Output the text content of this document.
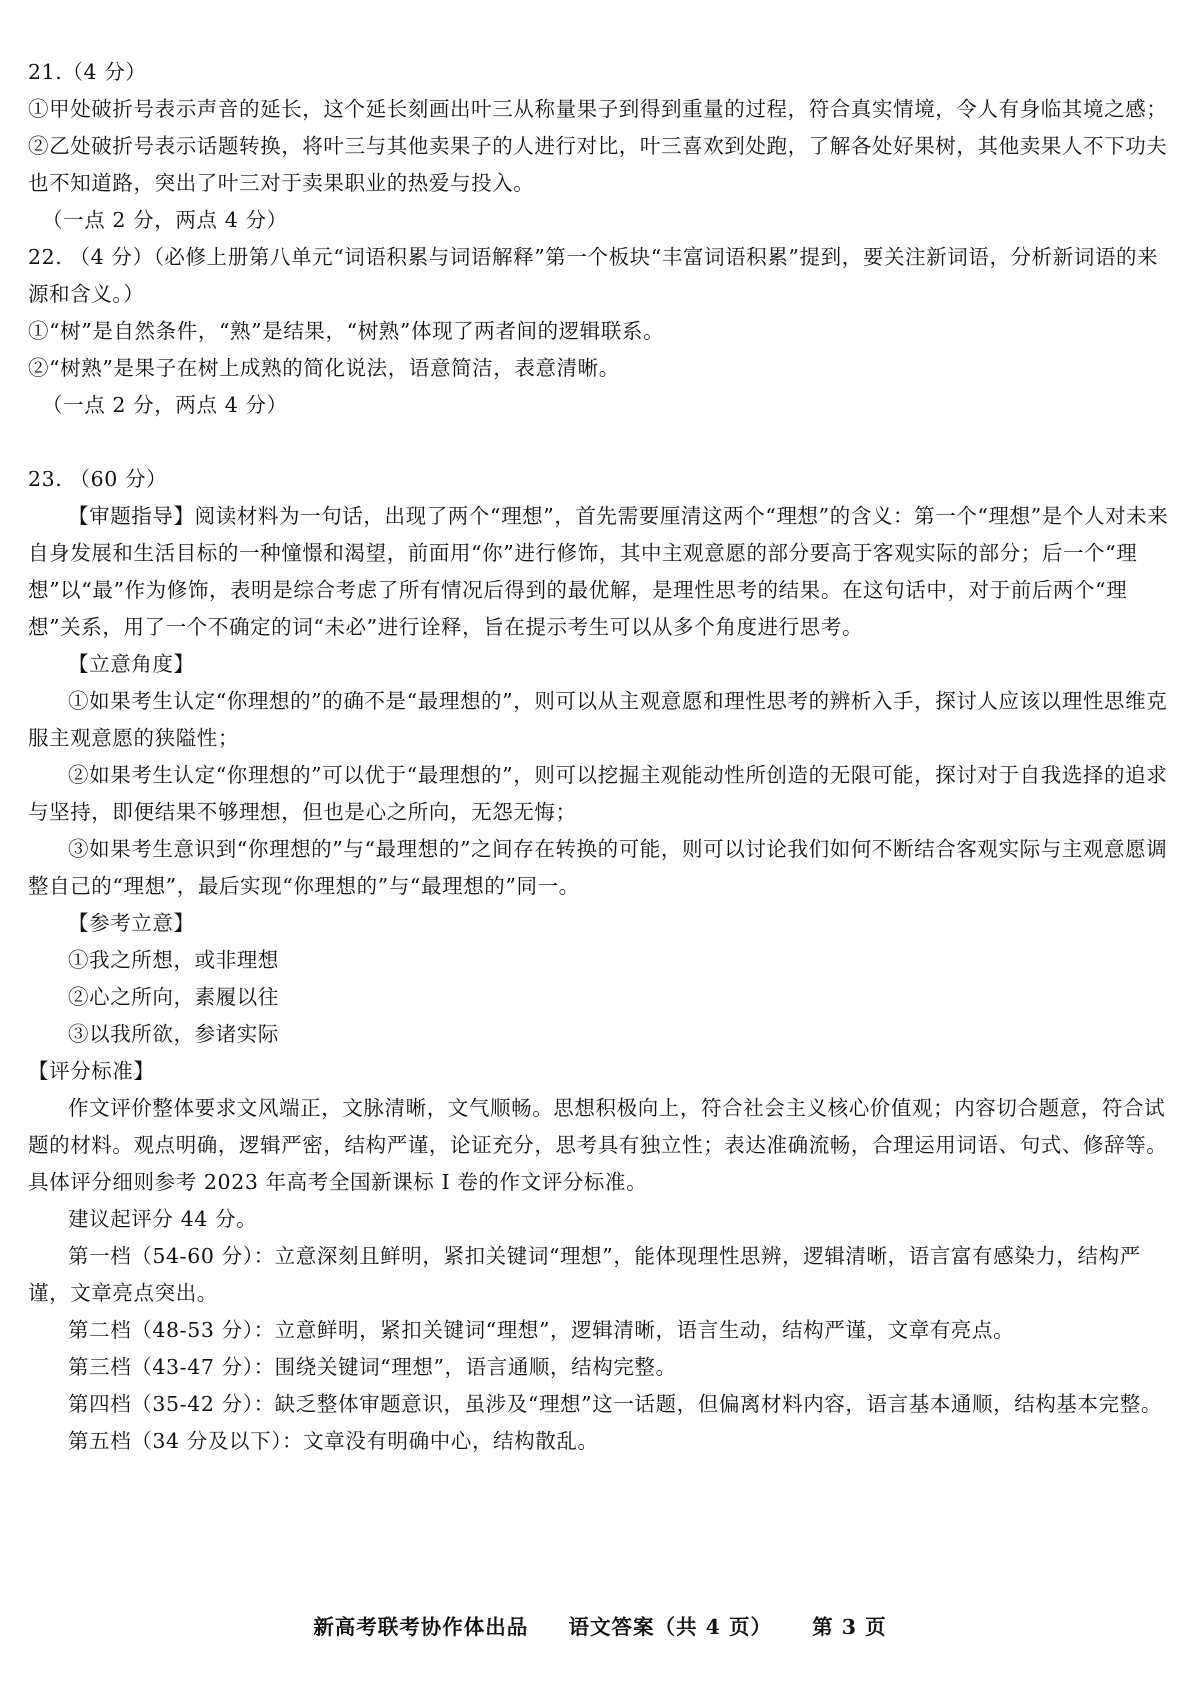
21.（4 分）

①甲处破折号表示声音的延长，这个延长刻画出叶三从称量果子到得到重量的过程，符合真实情境，令人有身临其境之感；

②乙处破折号表示话题转换，将叶三与其他卖果子的人进行对比，叶三喜欢到处跑，了解各处好果树，其他卖果人不下功夫也不知道路，突出了叶三对于卖果职业的热爱与投入。

（一点 2 分，两点 4 分）

22. （4 分）（必修上册第八单元“词语积累与词语解释”第一个板块“丰富词语积累”提到，要关注新词语，分析新词语的来源和含义。）

①“树”是自然条件，“熟”是结果，“树熟”体现了两者间的逻辑联系。

②“树熟”是果子在树上成熟的简化说法，语意简洁，表意清晰。

（一点 2 分，两点 4 分）

23. （60 分）

【审题指导】阅读材料为一句话，出现了两个“理想”，首先需要厘清这两个“理想”的含义：第一个“理想”是个人对未来自身发展和生活目标的一种憧憬和渴望，前面用“你”进行修饰，其中主观意愿的部分要高于客观实际的部分；后一个“理想”以“最”作为修饰，表明是综合考虑了所有情况后得到的最优解，是理性思考的结果。在这句话中，对于前后两个“理想”关系，用了一个不确定的词“未必”进行诠释，旨在提示考生可以从多个角度进行思考。

【立意角度】

①如果考生认定“你理想的”的确不是“最理想的”，则可以从主观意愿和理性思考的辨析入手，探讨人应该以理性思维克服主观意愿的狭隘性；

②如果考生认定“你理想的”可以优于“最理想的”，则可以挖掘主观能动性所创造的无限可能，探讨对于自我选择的追求与坚持，即便结果不够理想，但也是心之所向，无怨无悔；

③如果考生意识到“你理想的”与“最理想的”之间存在转换的可能，则可以讨论我们如何不断结合客观实际与主观意愿调整自己的“理想”，最后实现“你理想的”与“最理想的”同一。

【参考立意】

①我之所想，或非理想

②心之所向，素履以往

③以我所欲，参诸实际

【评分标准】

作文评价整体要求文风端正，文脉清晰，文气顺畅。思想积极向上，符合社会主义核心价值观；内容切合题意，符合试题的材料。观点明确，逻辑严密，结构严谨，论证充分，思考具有独立性；表达准确流畅，合理运用词语、句式、修辞等。具体评分细则参考 2023 年高考全国新课标 I 卷的作文评分标准。

建议起评分 44 分。

第一档（54-60 分）：立意深刻且鲜明，紧扣关键词“理想”，能体现理性思辨，逻辑清晰，语言富有感染力，结构严谨，文章亮点突出。

第二档（48-53 分）：立意鲜明，紧扣关键词“理想”，逻辑清晰，语言生动，结构严谨，文章有亮点。

第三档（43-47 分）：围绕关键词“理想”，语言通顺，结构完整。

第四档（35-42 分）：缺乏整体审题意识，虽涉及“理想”这一话题，但偏离材料内容，语言基本通顺，结构基本完整。

第五档（34 分及以下）：文章没有明确中心，结构散乱。

新高考联考协作体出品 语文答案（共 4 页） 第 3 页
